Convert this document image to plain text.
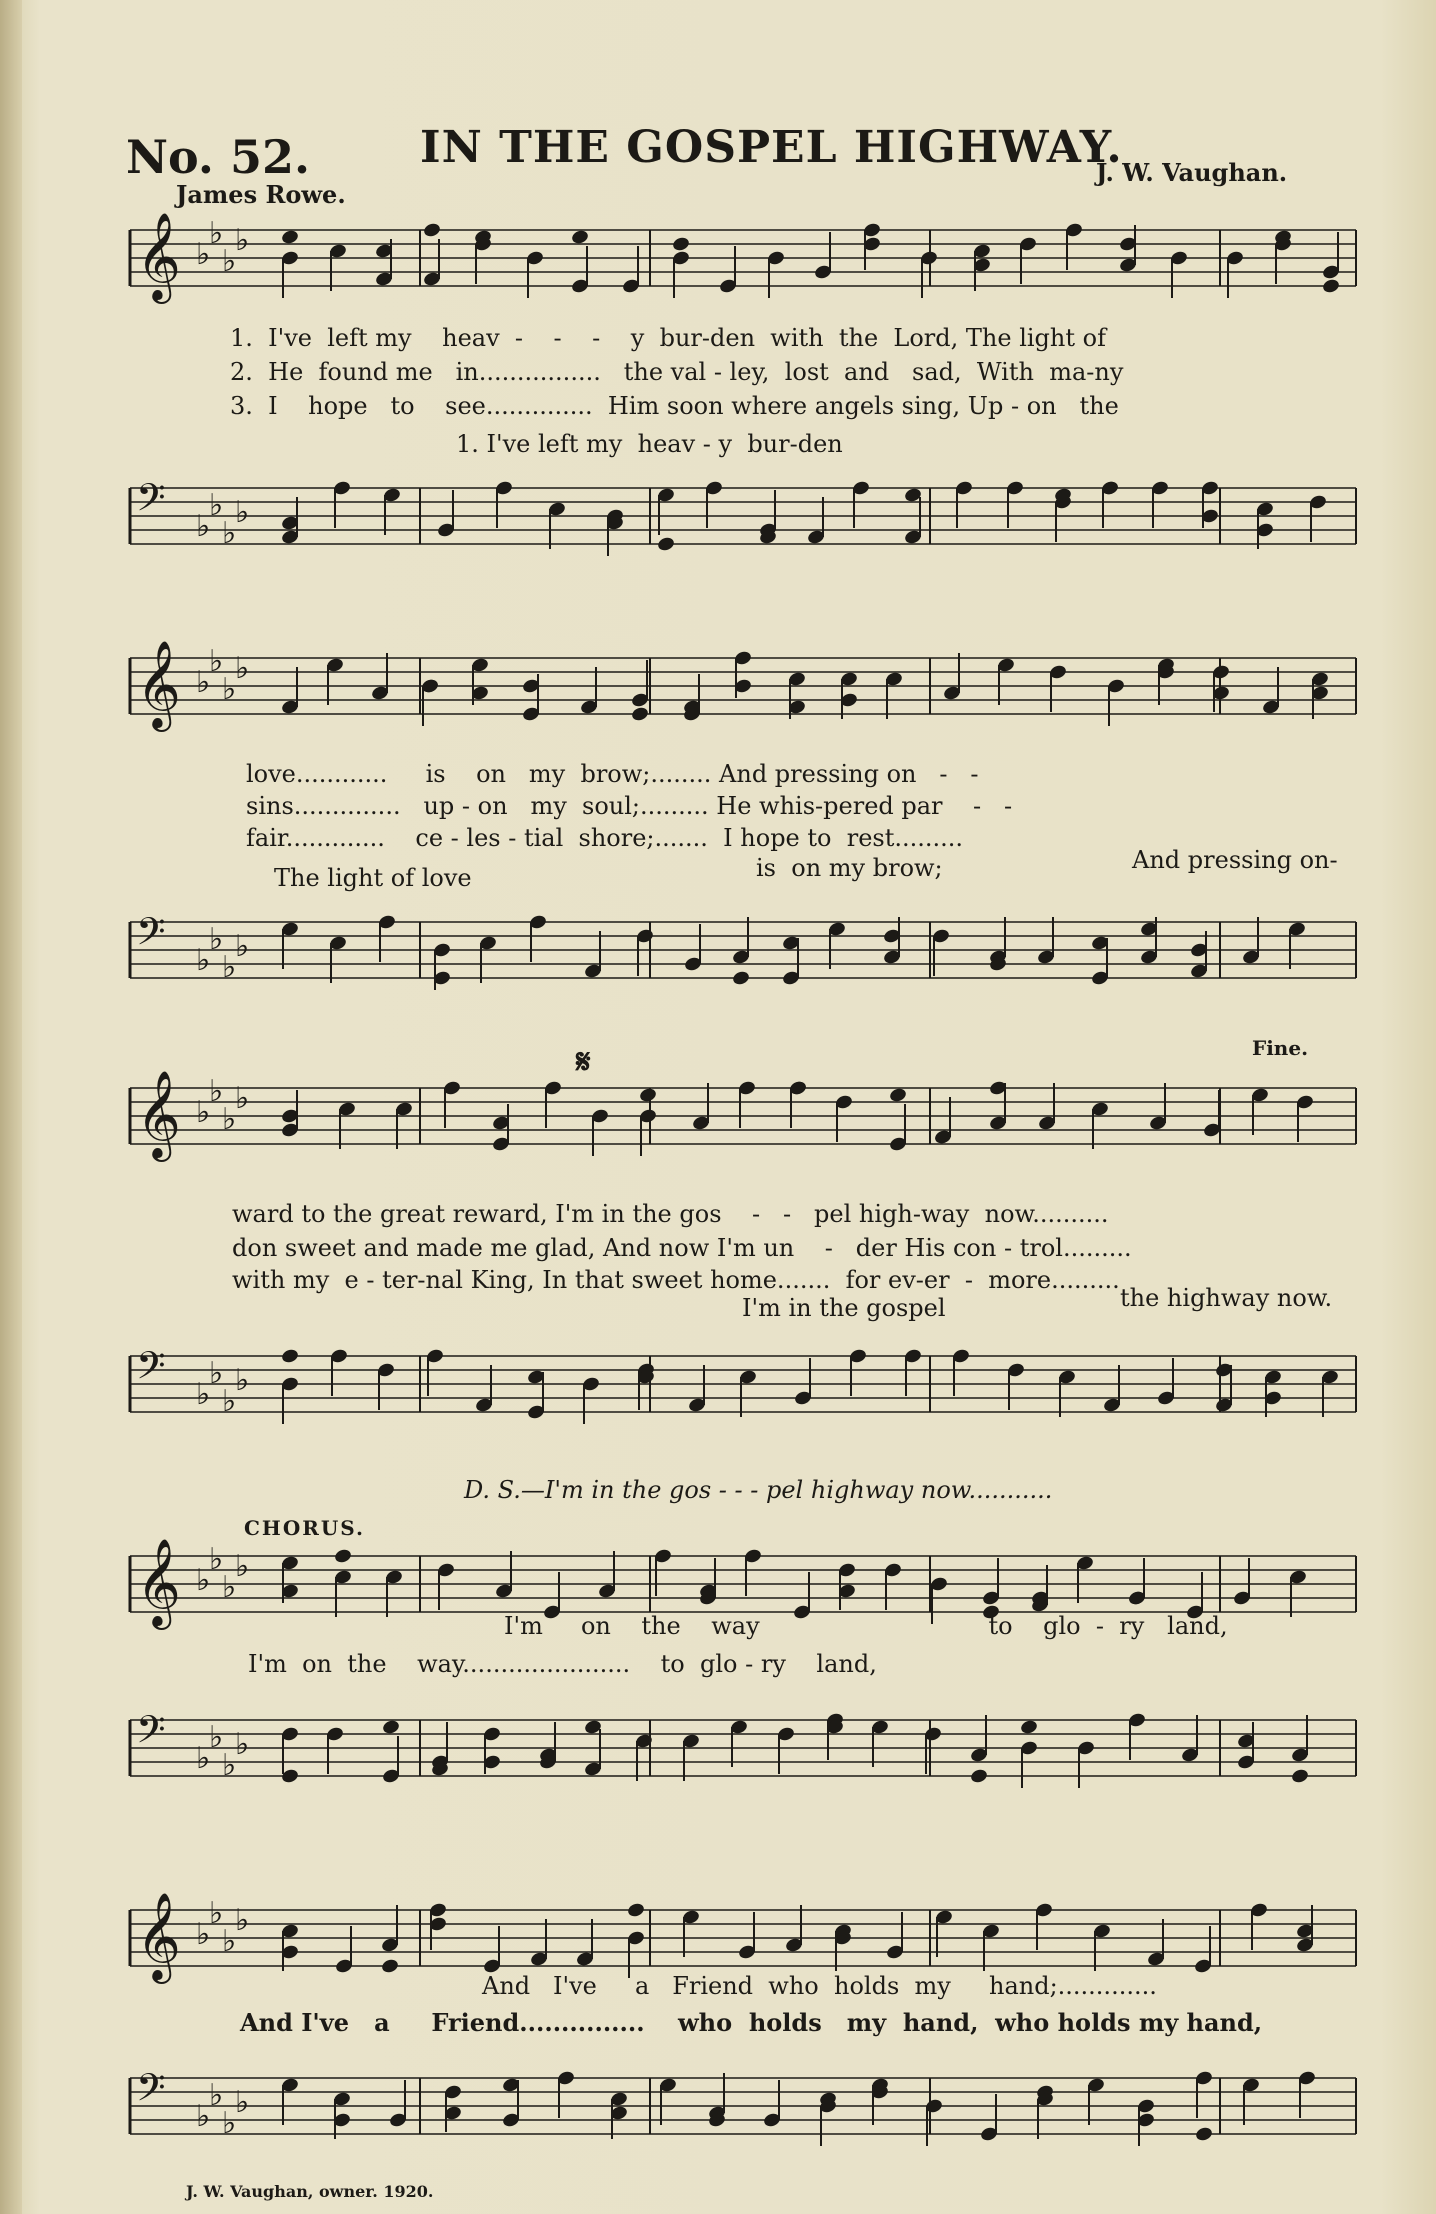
No. 52.	IN THE GOSPEL HIGHWAY.
James Rowe.
J. W. Vaughan.
𝄞 ♭
♭
♭
♭
1.  I've  left my    heav  -    -    -    y  bur-den  with  the  Lord, The light of
2.  He  found me   in................   the val - ley,  lost  and   sad,  With  ma-ny
3.  I    hope   to    see..............  Him soon where angels sing, Up - on   the
1. I've left my  heav - y  bur-den
𝄢 ♭
♭
♭
♭
𝄞 ♭
♭
♭
♭
love............     is    on   my  brow;........ And pressing on   -   -
sins..............   up - on   my  soul;......... He whis-pered par    -   -
fair.............    ce - les - tial  shore;.......  I hope to  rest.........
The light of love	is  on my brow;	And pressing on-
𝄢 ♭
♭
♭
♭
𝄋	Fine.
𝄞 ♭
♭
♭
♭
ward to the great reward, I'm in the gos    -   -   pel high-way  now..........
don sweet and made me glad, And now I'm un    -   der His con - trol.........
with my  e - ter-nal King, In that sweet home.......  for ev-er  -  more.........
I'm in the gospel	the highway now.
𝄢 ♭
♭
♭
♭
D. S.—I'm in the gos - - - pel highway now...........
CHORUS.
𝄞 ♭
♭
♭
♭
I'm     on    the    way                              to    glo  -  ry   land,
I'm  on  the    way......................    to  glo - ry    land,
𝄢 ♭
♭
♭
♭
𝄞 ♭
♭
♭
♭
And   I've     a   Friend  who  holds  my     hand;.............
And I've   a     Friend...............    who  holds   my  hand,  who holds my hand,
𝄢 ♭
♭
♭
♭
J. W. Vaughan, owner. 1920.
